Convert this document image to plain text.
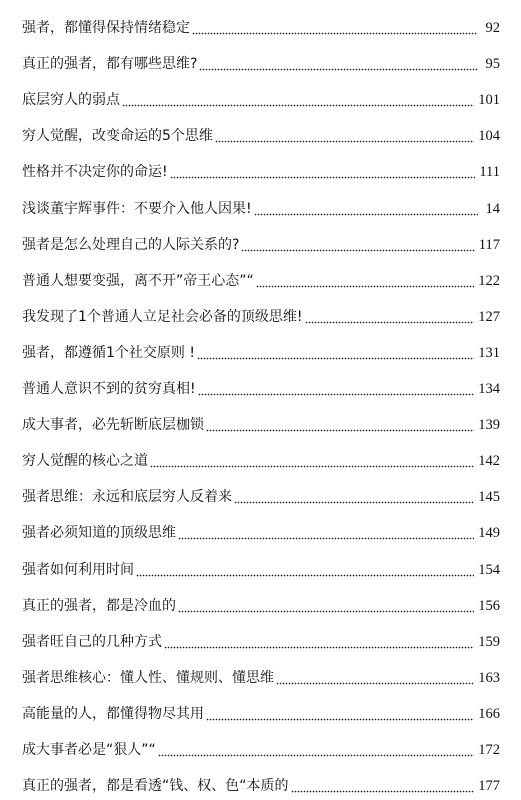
强者，都懂得保持情绪稳定	92
真正的强者，都有哪些思维?	95
底层穷人的弱点	101
穷人觉醒，改变命运的5个思维	104
性格并不决定你的命运!	111
浅谈董宇辉事件：不要介入他人因果!	14
强者是怎么处理自己的人际关系的?	117
普通人想要变强，离不开”帝王心态”“	122
我发现了1个普通人立足社会必备的顶级思维!	127
强者，都遵循1个社交原则 !	131
普通人意识不到的贫穷真相!	134
成大事者，必先斩断底层枷锁	139
穷人觉醒的核心之道	142
强者思维：永远和底层穷人反着来	145
强者必须知道的顶级思维	149
强者如何利用时间	154
真正的强者，都是冷血的	156
强者旺自己的几种方式	159
强者思维核心：懂人性、懂规则、懂思维	163
高能量的人，都懂得物尽其用	166
成大事者必是“狠人”“	172
真正的强者，都是看透“钱、权、色“本质的	177
